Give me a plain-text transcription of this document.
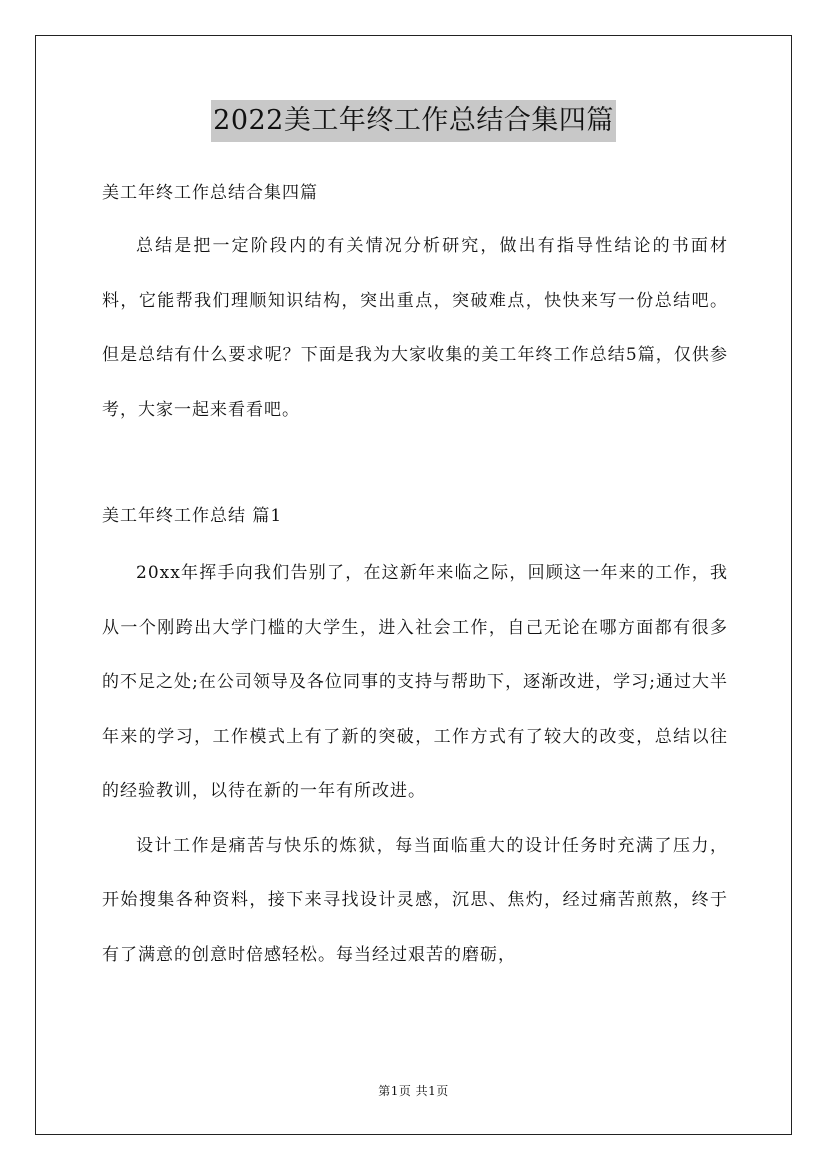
2022美工年终工作总结合集四篇

美工年终工作总结合集四篇

总结是把一定阶段内的有关情况分析研究，做出有指导性结论的书面材料，它能帮我们理顺知识结构，突出重点，突破难点，快快来写一份总结吧。但是总结有什么要求呢？下面是我为大家收集的美工年终工作总结5篇，仅供参考，大家一起来看看吧。

美工年终工作总结 篇1

20xx年挥手向我们告别了，在这新年来临之际，回顾这一年来的工作，我从一个刚跨出大学门槛的大学生，进入社会工作，自己无论在哪方面都有很多的不足之处;在公司领导及各位同事的支持与帮助下，逐渐改进，学习;通过大半年来的学习，工作模式上有了新的突破，工作方式有了较大的改变，总结以往的经验教训，以待在新的一年有所改进。

设计工作是痛苦与快乐的炼狱，每当面临重大的设计任务时充满了压力，开始搜集各种资料，接下来寻找设计灵感，沉思、焦灼，经过痛苦煎熬，终于有了满意的创意时倍感轻松。每当经过艰苦的磨砺，

第1页 共1页
